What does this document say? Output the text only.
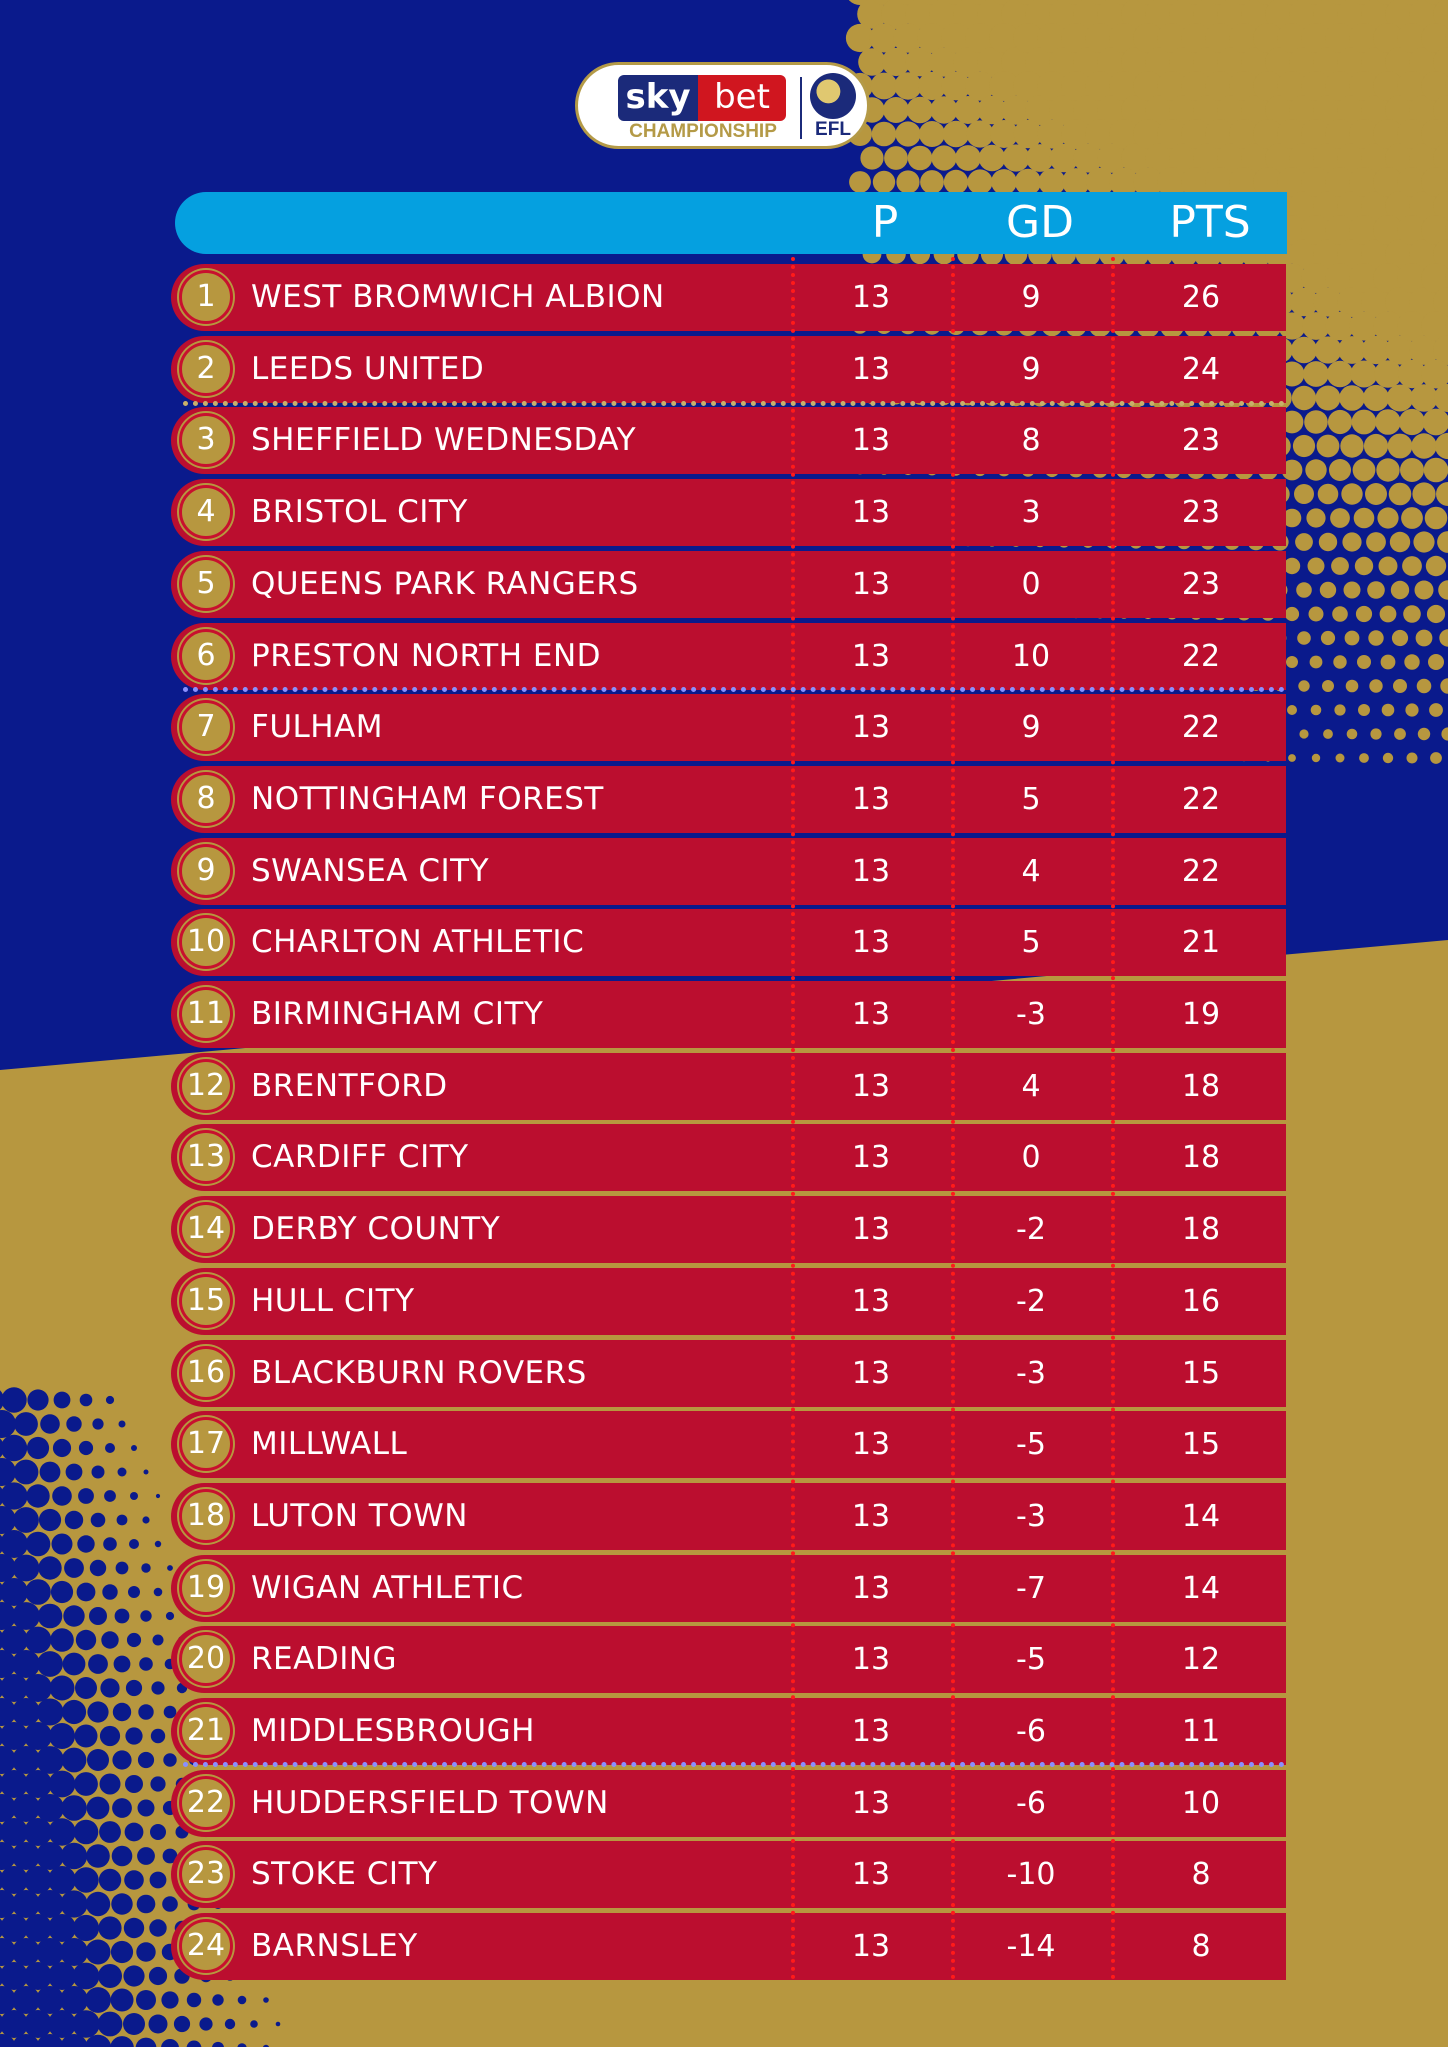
sky bet
CHAMPIONSHIP	EFL
P	GD	PTS
1	WEST BROMWICH ALBION	13	9	26
2	LEEDS UNITED	13	9	24
3	SHEFFIELD WEDNESDAY	13	8	23
4	BRISTOL CITY	13	3	23
5	QUEENS PARK RANGERS	13	0	23
6	PRESTON NORTH END	13	10	22
7	FULHAM	13	9	22
8	NOTTINGHAM FOREST	13	5	22
9	SWANSEA CITY	13	4	22
10 CHARLTON ATHLETIC	13	5	21
11 BIRMINGHAM CITY	13	-3	19
12 BRENTFORD	13	4	18
13 CARDIFF CITY	13	0	18
14 DERBY COUNTY	13	-2	18
15 HULL CITY	13	-2	16
16 BLACKBURN ROVERS	13	-3	15
17 MILLWALL	13	-5	15
18 LUTON TOWN	13	-3	14
19 WIGAN ATHLETIC	13	-7	14
20 READING	13	-5	12
21 MIDDLESBROUGH	13	-6	11
22 HUDDERSFIELD TOWN	13	-6	10
23 STOKE CITY	13	-10	8
24 BARNSLEY	13	-14	8
